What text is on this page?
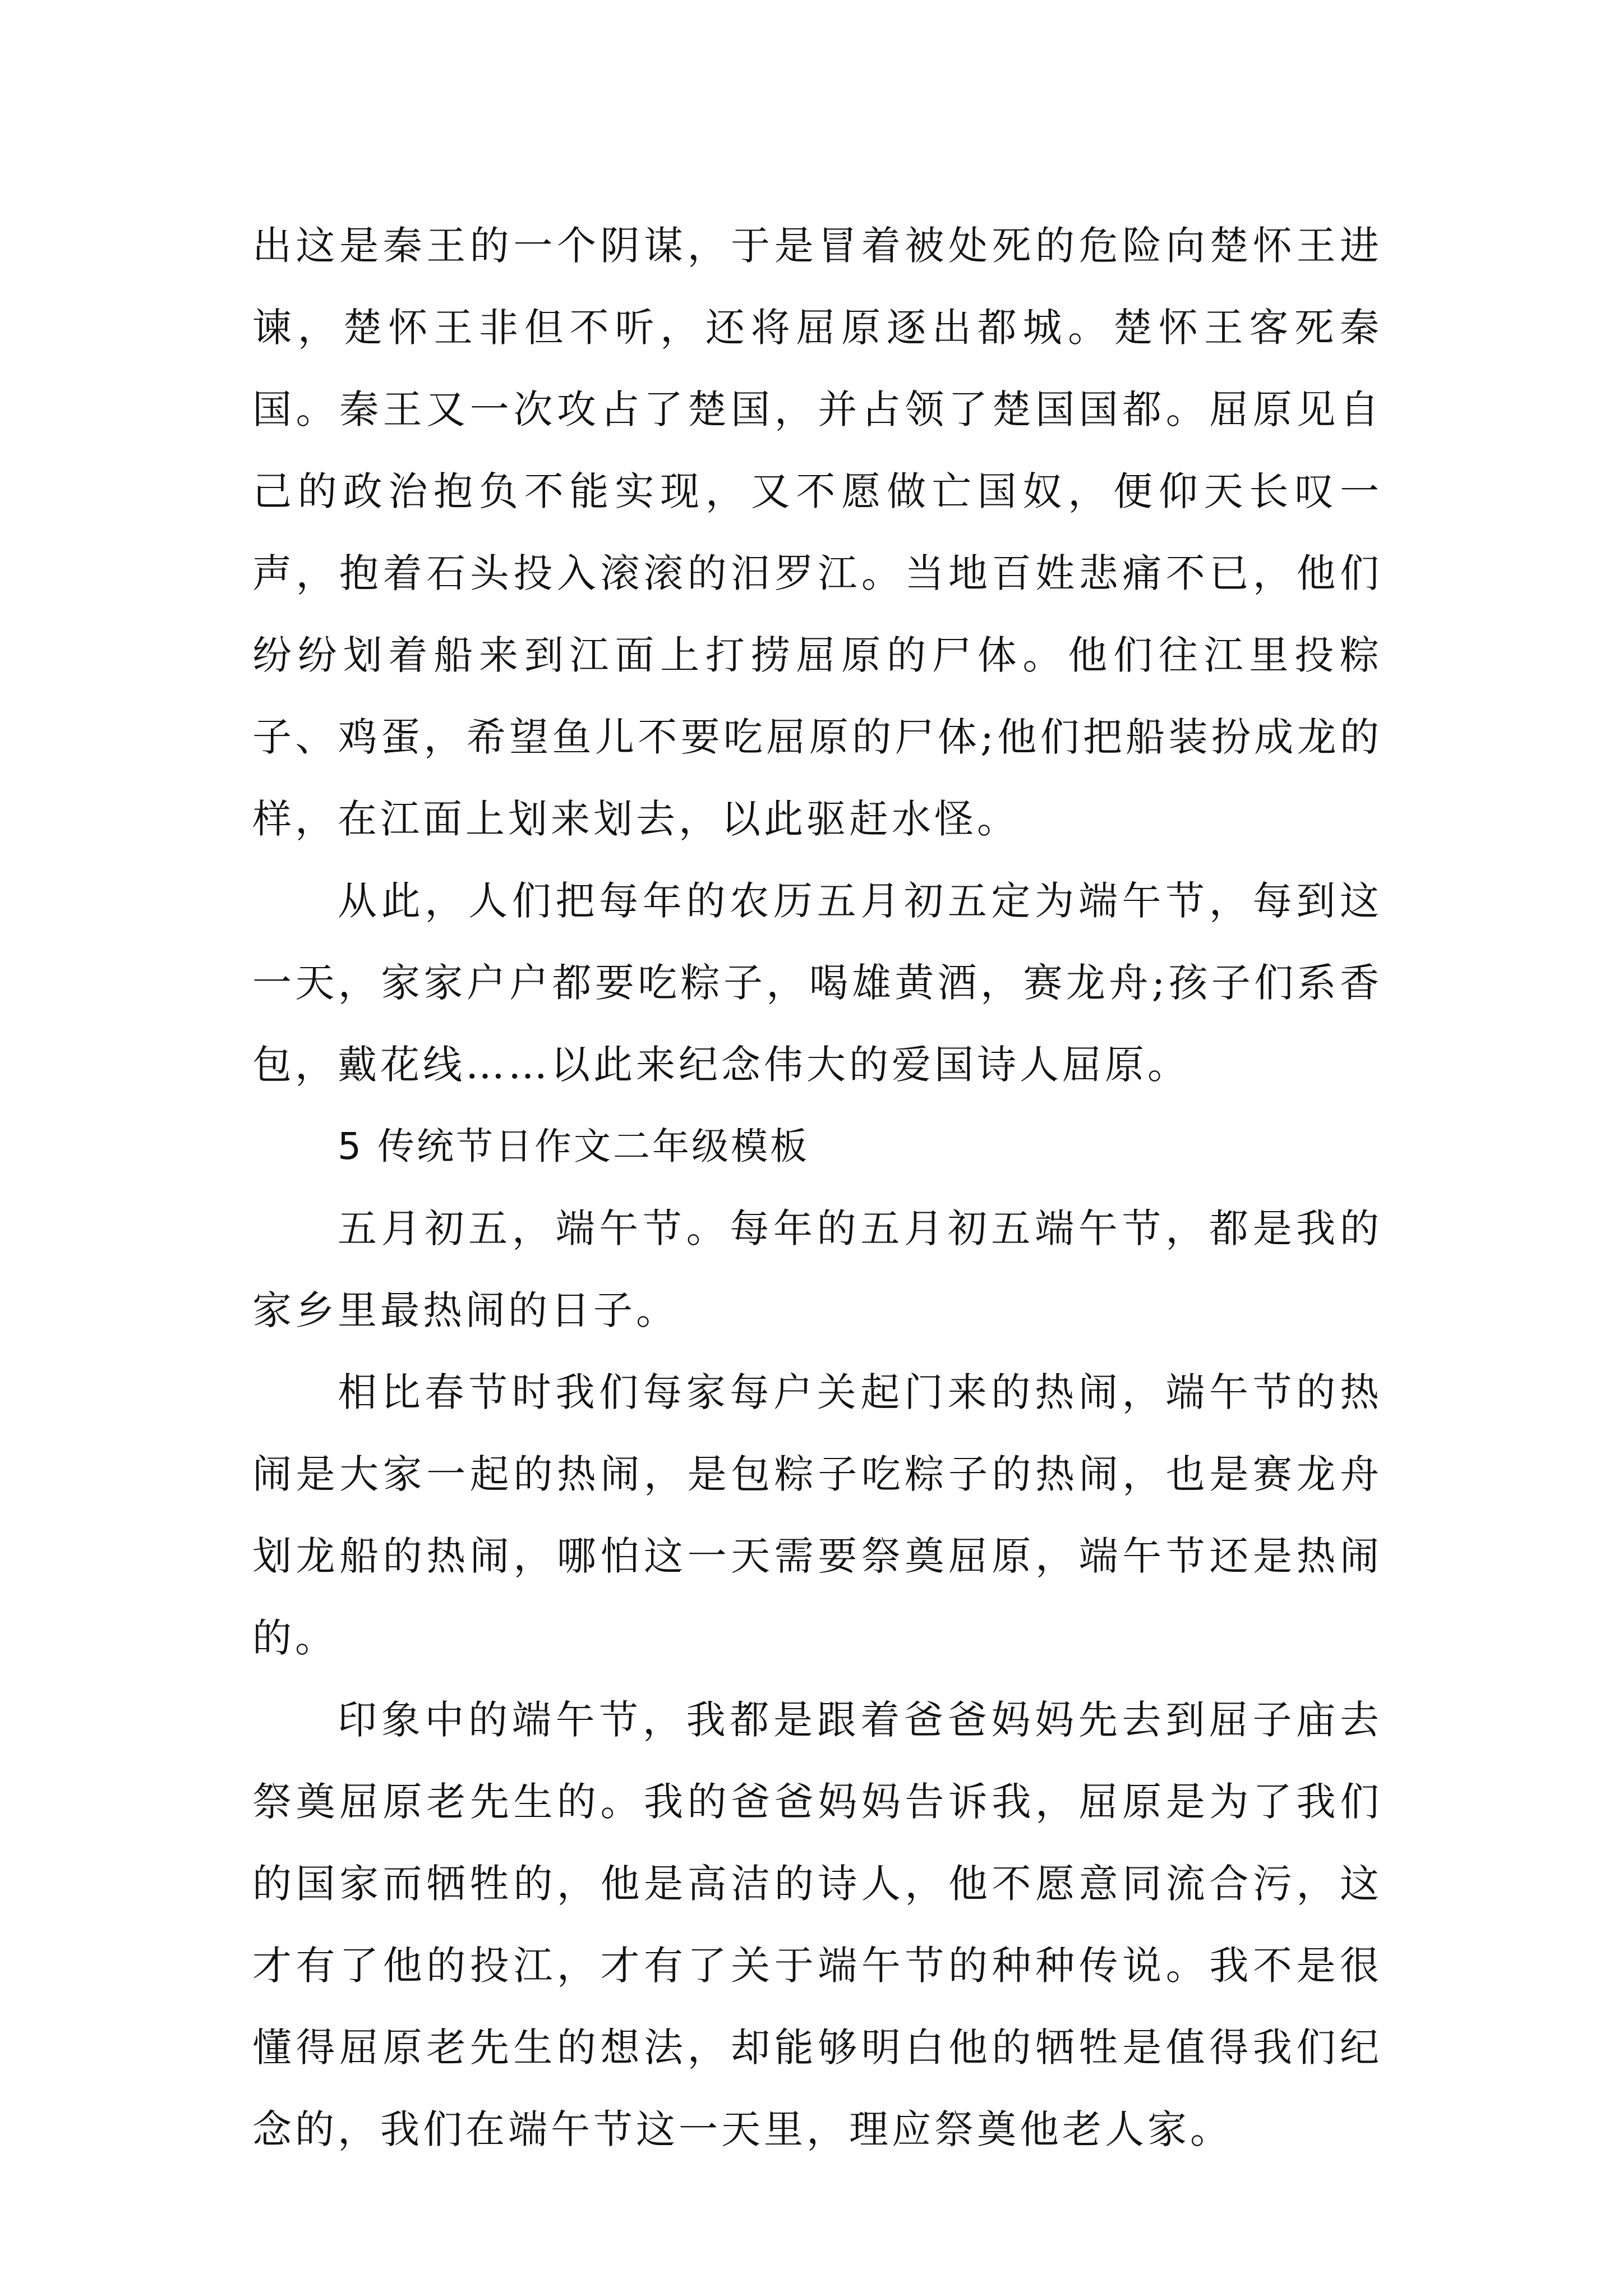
出这是秦王的一个阴谋，于是冒着被处死的危险向楚怀王进谏，楚怀王非但不听，还将屈原逐出都城。楚怀王客死秦国。秦王又一次攻占了楚国，并占领了楚国国都。屈原见自己的政治抱负不能实现，又不愿做亡国奴，便仰天长叹一声，抱着石头投入滚滚的汨罗江。当地百姓悲痛不已，他们纷纷划着船来到江面上打捞屈原的尸体。他们往江里投粽子、鸡蛋，希望鱼儿不要吃屈原的尸体;他们把船装扮成龙的样，在江面上划来划去，以此驱赶水怪。

从此，人们把每年的农历五月初五定为端午节，每到这一天，家家户户都要吃粽子，喝雄黄酒，赛龙舟;孩子们系香包，戴花线……以此来纪念伟大的爱国诗人屈原。

5 传统节日作文二年级模板

五月初五，端午节。每年的五月初五端午节，都是我的家乡里最热闹的日子。

相比春节时我们每家每户关起门来的热闹，端午节的热闹是大家一起的热闹，是包粽子吃粽子的热闹，也是赛龙舟划龙船的热闹，哪怕这一天需要祭奠屈原，端午节还是热闹的。

印象中的端午节，我都是跟着爸爸妈妈先去到屈子庙去祭奠屈原老先生的。我的爸爸妈妈告诉我，屈原是为了我们的国家而牺牲的，他是高洁的诗人，他不愿意同流合污，这才有了他的投江，才有了关于端午节的种种传说。我不是很懂得屈原老先生的想法，却能够明白他的牺牲是值得我们纪念的，我们在端午节这一天里，理应祭奠他老人家。
